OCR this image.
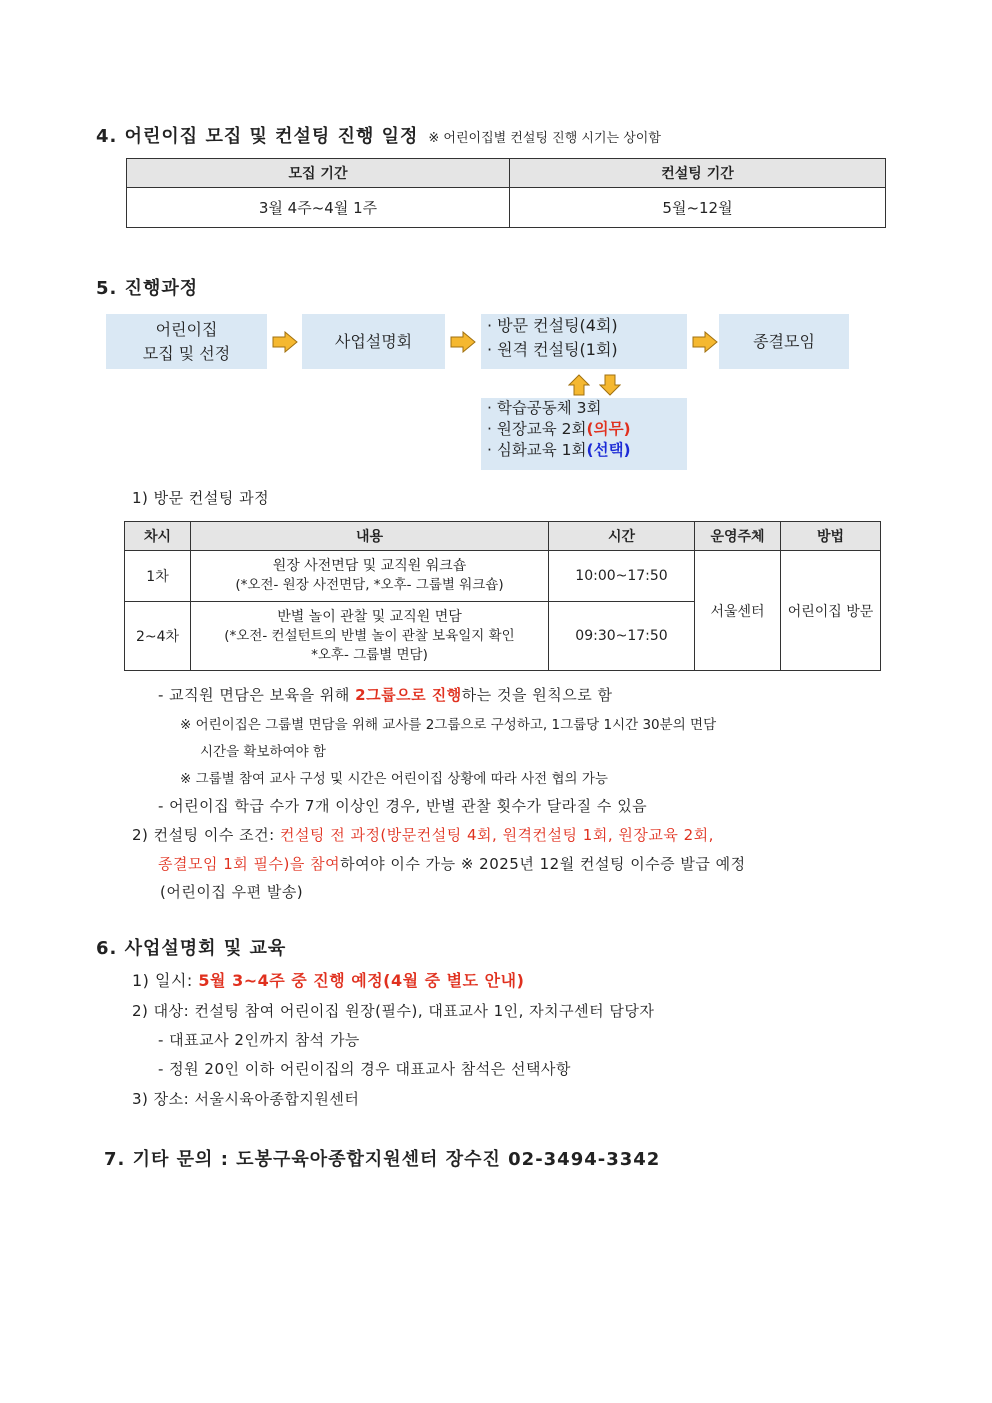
4. 어린이집 모집 및 컨설팅 진행 일정 ※ 어린이집별 컨설팅 진행 시기는 상이함
모집 기간	컨설팅 기간
3월 4주~4월 1주	5월~12월
5. 진행과정
어린이집
모집 및 선정
사업설명회
· 방문 컨설팅(4회)
· 원격 컨설팅(1회)	종결모임
· 학습공동체 3회
· 원장교육 2회(의무)
· 심화교육 1회(선택)
1) 방문 컨설팅 과정
차시	내용	시간	운영주체	방법
1차	원장 사전면담 및 교직원 워크숍
(*오전- 원장 사전면담, *오후- 그룹별 워크숍)	10:00~17:50	서울센터	어린이집 방문
2~4차	반별 놀이 관찰 및 교직원 면담
(*오전- 컨설턴트의 반별 놀이 관찰 보육일지 확인
*오후- 그룹별 면담)	09:30~17:50		
- 교직원 면담은 보육을 위해 2그룹으로 진행하는 것을 원칙으로 함
※ 어린이집은 그룹별 면담을 위해 교사를 2그룹으로 구성하고, 1그룹당 1시간 30분의 면담
시간을 확보하여야 함
※ 그룹별 참여 교사 구성 및 시간은 어린이집 상황에 따라 사전 협의 가능
- 어린이집 학급 수가 7개 이상인 경우, 반별 관찰 횟수가 달라질 수 있음
2) 컨설팅 이수 조건: 컨설팅 전 과정(방문컨설팅 4회, 원격컨설팅 1회, 원장교육 2회,
종결모임 1회 필수)을 참여하여야 이수 가능 ※ 2025년 12월 컨설팅 이수증 발급 예정
(어린이집 우편 발송)
6. 사업설명회 및 교육
1) 일시: 5월 3~4주 중 진행 예정(4월 중 별도 안내)
2) 대상: 컨설팅 참여 어린이집 원장(필수), 대표교사 1인, 자치구센터 담당자
- 대표교사 2인까지 참석 가능
- 정원 20인 이하 어린이집의 경우 대표교사 참석은 선택사항
3) 장소: 서울시육아종합지원센터
7. 기타 문의 : 도봉구육아종합지원센터 장수진 02-3494-3342
